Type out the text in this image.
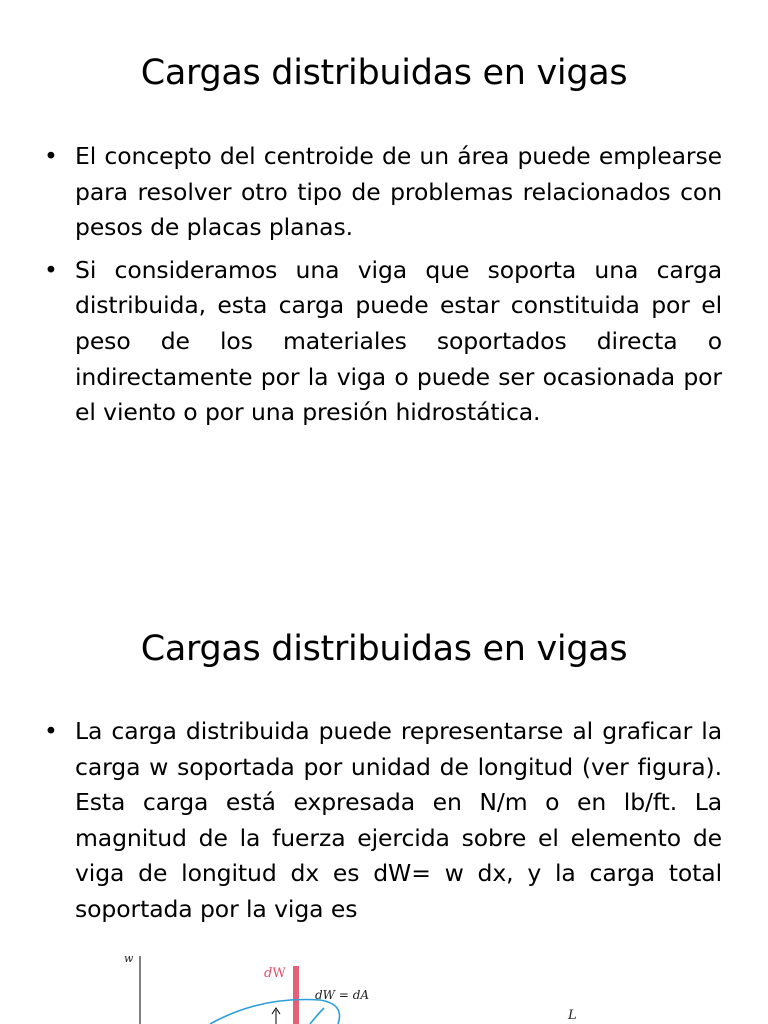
Cargas distribuidas en vigas
• El concepto del centroide de un área puede emplearse para resolver otro tipo de problemas relacionados con pesos de placas planas.
• Si consideramos una viga que soporta una carga distribuida, esta carga puede estar constituida por el peso de los materiales soportados directa o indirectamente por la viga o puede ser ocasionada por el viento o por una presión hidrostática.
Cargas distribuidas en vigas
• La carga distribuida puede representarse al graficar la carga w soportada por unidad de longitud (ver figura). Esta carga está expresada en N/m o en lb/ft. La magnitud de la fuerza ejercida sobre el elemento de viga de longitud dx es dW= w dx, y la carga total soportada por la viga es
w
dW
dW = dA
L
